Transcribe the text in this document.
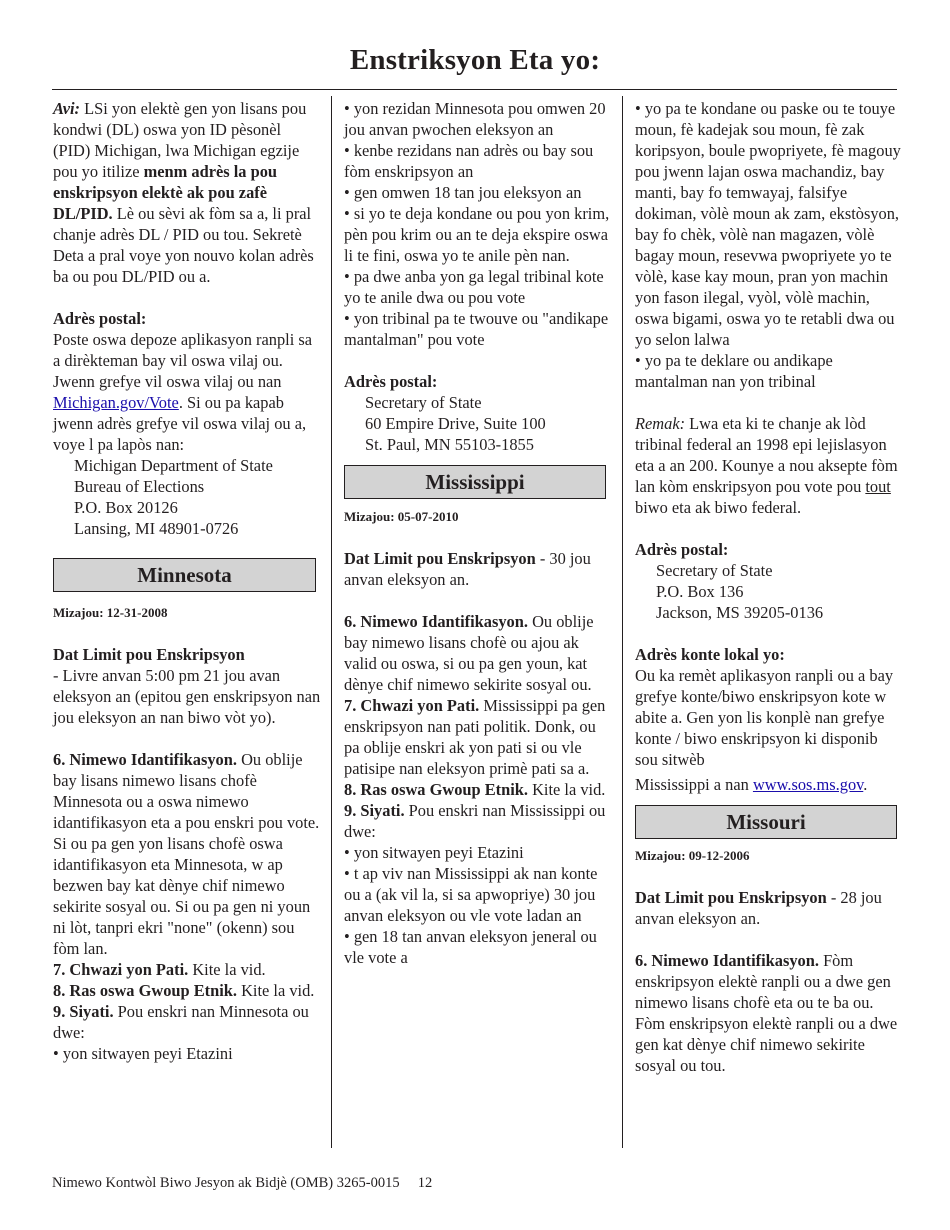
Enstriksyon Eta yo:

Avi: LSi yon elektè gen yon lisans pou kondwi (DL) oswa yon ID pèsonèl (PID) Michigan, lwa Michigan egzije pou yo itilize menm adrès la pou enskripsyon elektè ak pou zafè DL/PID. Lè ou sèvi ak fòm sa a, li pral chanje adrès DL / PID ou tou. Sekretè Deta a pral voye yon nouvo kolan adrès ba ou pou DL/PID ou a.

Adrès postal:

Poste oswa depoze aplikasyon ranpli sa a dirèkteman bay vil oswa vilaj ou. Jwenn grefye vil oswa vilaj ou nan Michigan.gov/Vote. Si ou pa kapab jwenn adrès grefye vil oswa vilaj ou a, voye l pa lapòs nan:

Michigan Department of State

Bureau of Elections

P.O. Box 20126

Lansing, MI 48901-0726

Minnesota

Mizajou: 12-31-2008

Dat Limit pou Enskripsyon

- Livre anvan 5:00 pm 21 jou avan eleksyon an (epitou gen enskripsyon nan jou eleksyon an nan biwo vòt yo).

6. Nimewo Idantifikasyon. Ou oblije bay lisans nimewo lisans chofè Minnesota ou a oswa nimewo idantifikasyon eta a pou enskri pou vote. Si ou pa gen yon lisans chofè oswa idantifikasyon eta Minnesota, w ap bezwen bay kat dènye chif nimewo sekirite sosyal ou. Si ou pa gen ni youn ni lòt, tanpri ekri "none" (okenn) sou fòm lan.

7. Chwazi yon Pati. Kite la vid.

8. Ras oswa Gwoup Etnik. Kite la vid.

9. Siyati. Pou enskri nan Minnesota ou dwe:

• yon sitwayen peyi Etazini

• yon rezidan Minnesota pou omwen 20 jou anvan pwochen eleksyon an

• kenbe rezidans nan adrès ou bay sou fòm enskripsyon an

• gen omwen 18 tan jou eleksyon an

• si yo te deja kondane ou pou yon krim, pèn pou krim ou an te deja ekspire oswa li te fini, oswa yo te anile pèn nan.

• pa dwe anba yon ga legal tribinal kote yo te anile dwa ou pou vote

• yon tribinal pa te twouve ou "andikape mantalman" pou vote

Adrès postal:

Secretary of State

60 Empire Drive, Suite 100

St. Paul, MN 55103-1855

Mississippi

Mizajou: 05-07-2010

Dat Limit pou Enskripsyon - 30 jou anvan eleksyon an.

6. Nimewo Idantifikasyon. Ou oblije bay nimewo lisans chofè ou ajou ak valid ou oswa, si ou pa gen youn, kat dènye chif nimewo sekirite sosyal ou.

7. Chwazi yon Pati. Mississippi pa gen enskripsyon nan pati politik. Donk, ou pa oblije enskri ak yon pati si ou vle patisipe nan eleksyon primè pati sa a.

8. Ras oswa Gwoup Etnik. Kite la vid.

9. Siyati. Pou enskri nan Mississippi ou dwe:

• yon sitwayen peyi Etazini

• t ap viv nan Mississippi ak nan konte ou a (ak vil la, si sa apwopriye) 30 jou anvan eleksyon ou vle vote ladan an

• gen 18 tan anvan eleksyon jeneral ou vle vote a

• yo pa te kondane ou paske ou te touye moun, fè kadejak sou moun, fè zak koripsyon, boule pwopriyete, fè magouy pou jwenn lajan oswa machandiz, bay manti, bay fo temwayaj, falsifye dokiman, vòlè moun ak zam, ekstòsyon, bay fo chèk, vòlè nan magazen, vòlè bagay moun, resevwa pwopriyete yo te vòlè, kase kay moun, pran yon machin yon fason ilegal, vyòl, vòlè machin, oswa bigami, oswa yo te retabli dwa ou yo selon lalwa

• yo pa te deklare ou andikape mantalman nan yon tribinal

Remak: Lwa eta ki te chanje ak lòd tribinal federal an 1998 epi lejislasyon eta a an 200. Kounye a nou aksepte fòm lan kòm enskripsyon pou vote pou tout biwo eta ak biwo federal.

Adrès postal:

Secretary of State

P.O. Box 136

Jackson, MS 39205-0136

Adrès konte lokal yo:

Ou ka remèt aplikasyon ranpli ou a bay grefye konte/biwo enskripsyon kote w abite a. Gen yon lis konplè nan grefye konte / biwo enskripsyon ki disponib sou sitwèb

Mississippi a nan www.sos.ms.gov.

Missouri

Mizajou: 09-12-2006

Dat Limit pou Enskripsyon - 28 jou anvan eleksyon an.

6. Nimewo Idantifikasyon. Fòm enskripsyon elektè ranpli ou a dwe gen nimewo lisans chofè eta ou te ba ou. Fòm enskripsyon elektè ranpli ou a dwe gen kat dènye chif nimewo sekirite sosyal ou tou.

Nimewo Kontwòl Biwo Jesyon ak Bidjè (OMB) 3265-0015     12
